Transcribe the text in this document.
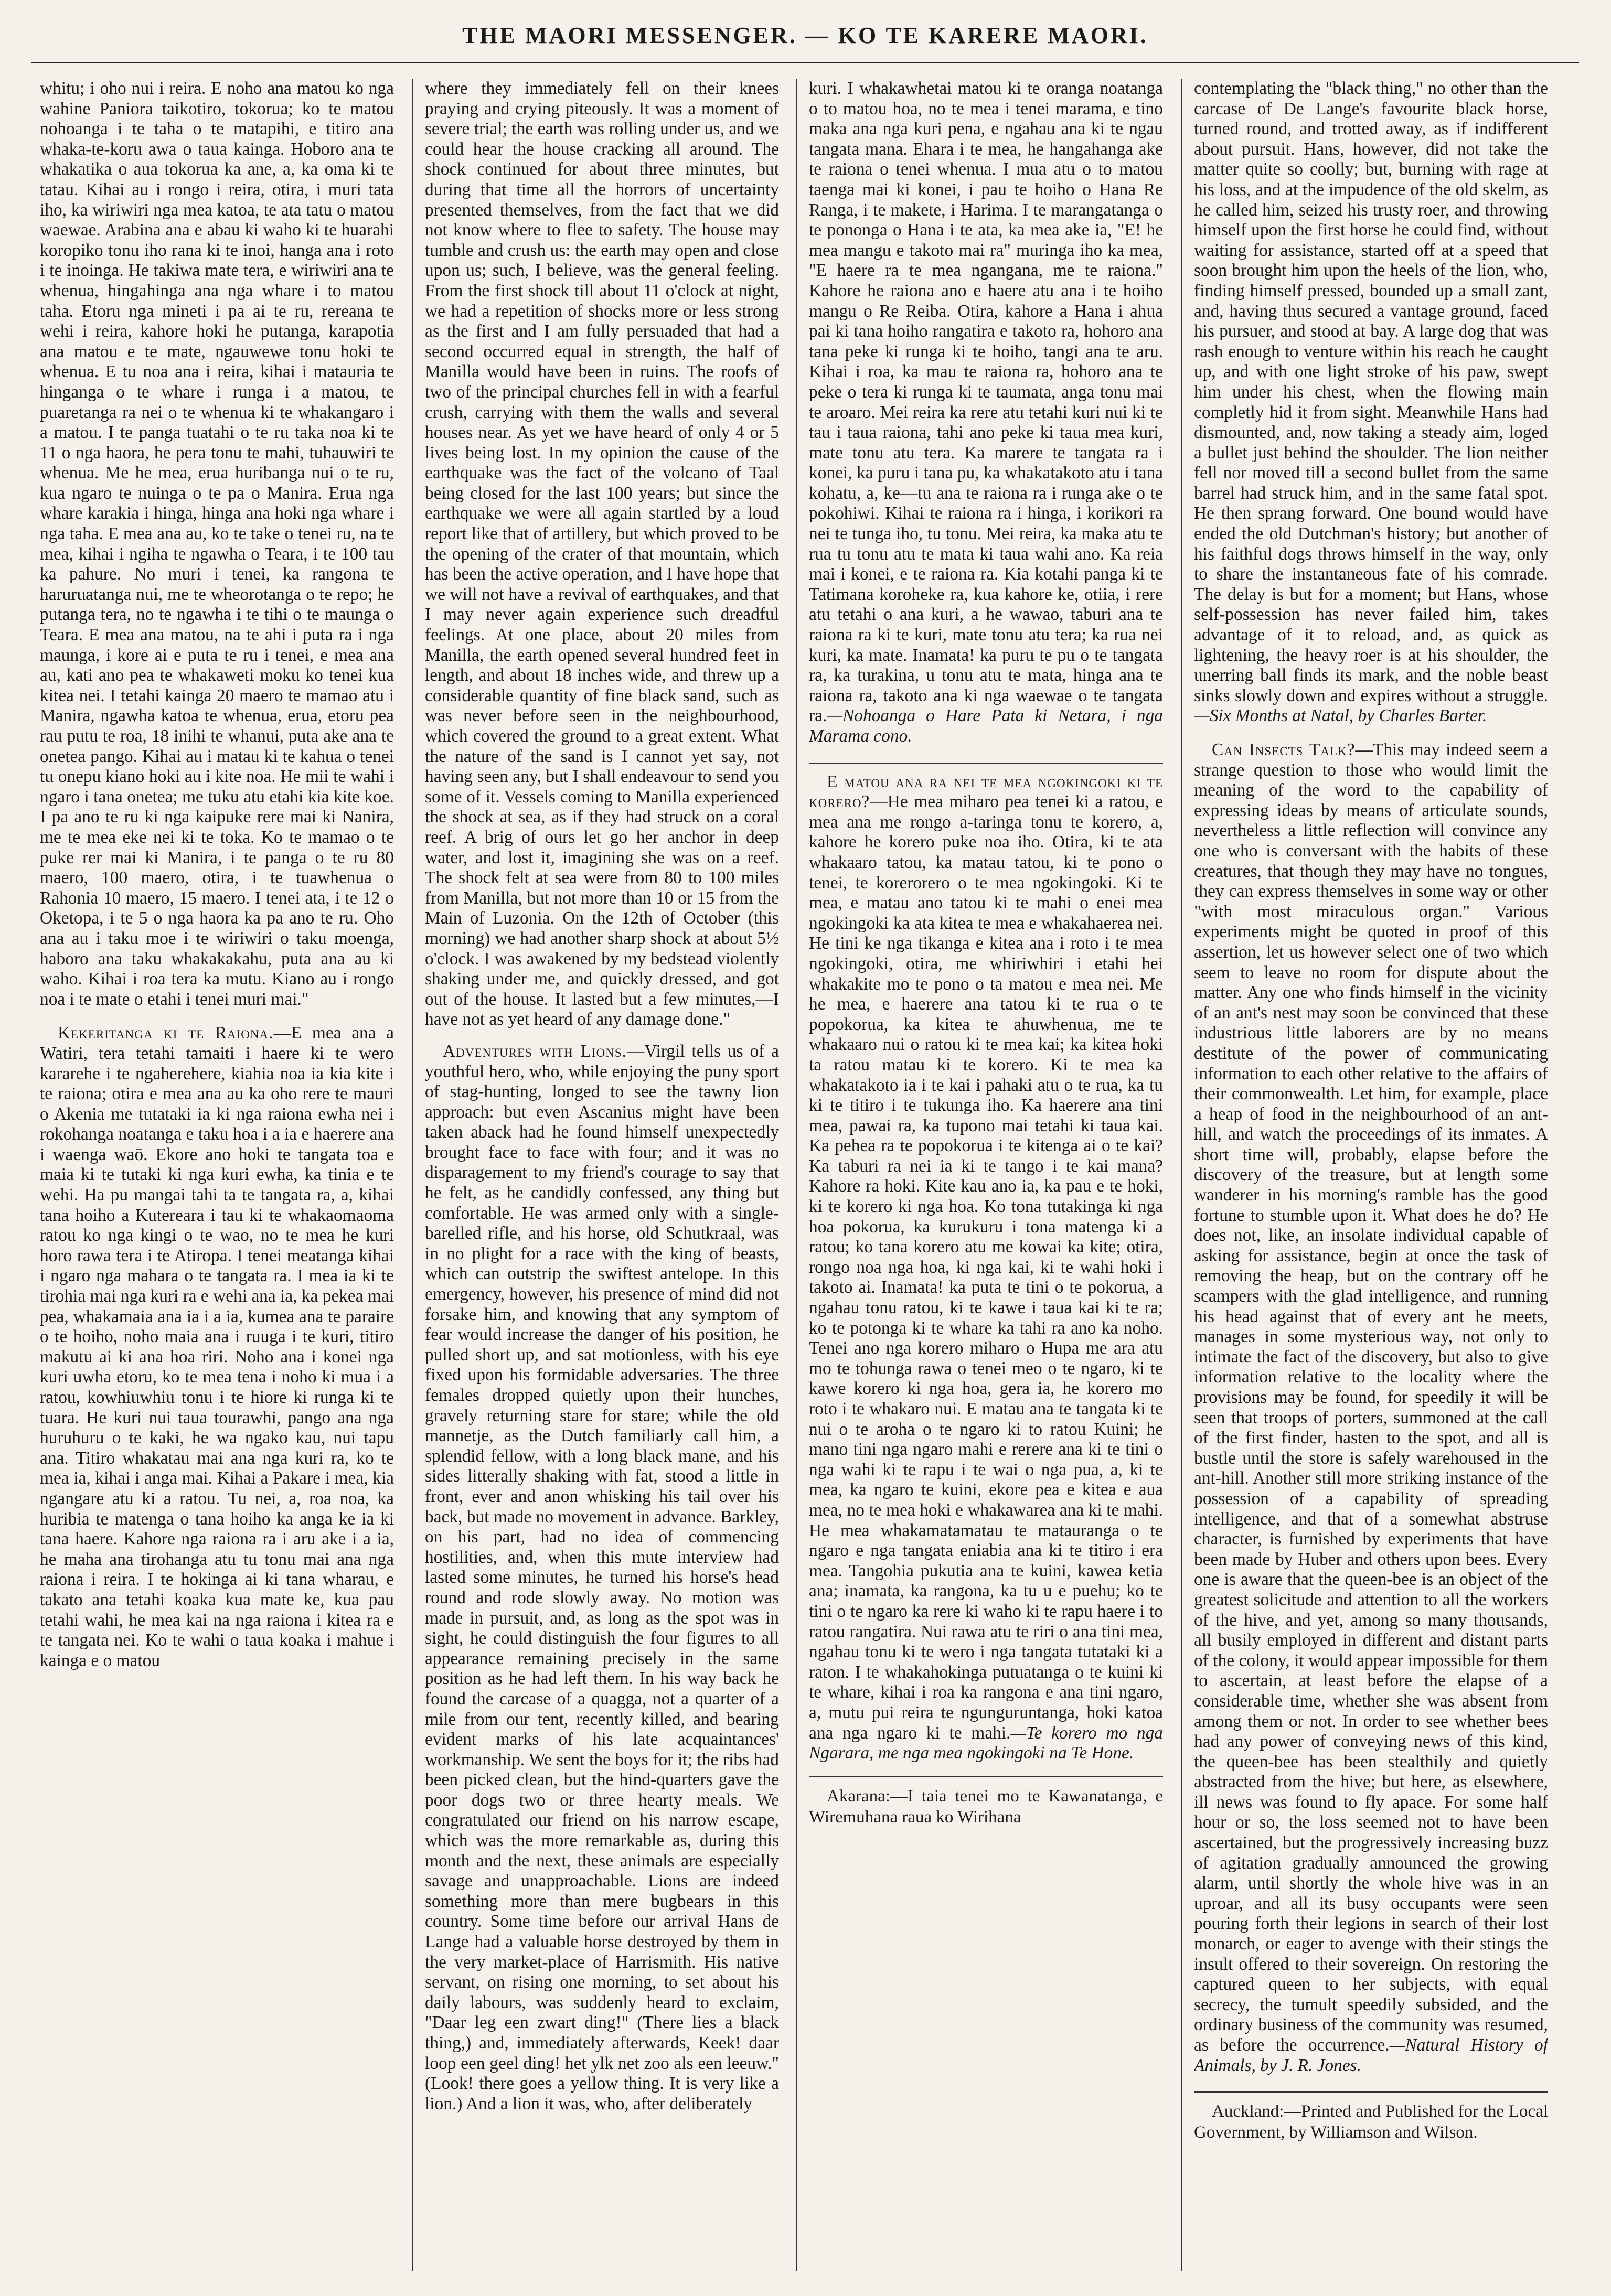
THE MAORI MESSENGER. — KO TE KARERE MAORI.

whitu; i oho nui i reira. E noho ana matou ko nga wahine Paniora taikotiro, tokorua; ko te matou nohoanga i te taha o te matapihi, e titiro ana whaka-te-koru awa o taua kainga. Hoboro ana te whakatika o aua tokorua ka ane, a, ka oma ki te tatau. Kihai au i rongo i reira, otira, i muri tata iho, ka wiriwiri nga mea katoa, te ata tatu o matou waewae. Arabina ana e abau ki waho ki te huarahi koropiko tonu iho rana ki te inoi, hanga ana i roto i te inoinga. He takiwa mate tera, e wiriwiri ana te whenua, hingahinga ana nga whare i to matou taha. Etoru nga mineti i pa ai te ru, rereana te wehi i reira, kahore hoki he putanga, karapotia ana matou e te mate, ngauwewe tonu hoki te whenua. E tu noa ana i reira, kihai i matauria te hinganga o te whare i runga i a matou, te puaretanga ra nei o te whenua ki te whakangaro i a matou. I te panga tuatahi o te ru taka noa ki te 11 o nga haora, he pera tonu te mahi, tuhauwiri te whenua. Me he mea, erua huribanga nui o te ru, kua ngaro te nuinga o te pa o Manira. Erua nga whare karakia i hinga, hinga ana hoki nga whare i nga taha. E mea ana au, ko te take o tenei ru, na te mea, kihai i ngiha te ngawha o Teara, i te 100 tau ka pahure. No muri i tenei, ka rangona te haruruatanga nui, me te wheorotanga o te repo; he putanga tera, no te ngawha i te tihi o te maunga o Teara. E mea ana matou, na te ahi i puta ra i nga maunga, i kore ai e puta te ru i tenei, e mea ana au, kati ano pea te whakaweti moku ko tenei kua kitea nei. I tetahi kainga 20 maero te mamao atu i Manira, ngawha katoa te whenua, erua, etoru pea rau putu te roa, 18 inihi te whanui, puta ake ana te onetea pango. Kihai au i matau ki te kahua o tenei tu onepu kiano hoki au i kite noa. He mii te wahi i ngaro i tana onetea; me tuku atu etahi kia kite koe. I pa ano te ru ki nga kaipuke rere mai ki Nanira, me te mea eke nei ki te toka. Ko te mamao o te puke rer mai ki Manira, i te panga o te ru 80 maero, 100 maero, otira, i te tuawhenua o Rahonia 10 maero, 15 maero. I tenei ata, i te 12 o Oketopa, i te 5 o nga haora ka pa ano te ru. Oho ana au i taku moe i te wiriwiri o taku moenga, haboro ana taku whakakakahu, puta ana au ki waho. Kihai i roa tera ka mutu. Kiano au i rongo noa i te mate o etahi i tenei muri mai."

Kekeritanga ki te Raiona.—E mea ana a Watiri, tera tetahi tamaiti i haere ki te wero kararehe i te ngaherehere, kiahia noa ia kia kite i te raiona; otira e mea ana au ka oho rere te mauri o Akenia me tutataki ia ki nga raiona ewha nei i rokohanga noatanga e taku hoa i a ia e haerere ana i waenga waō. Ekore ano hoki te tangata toa e maia ki te tutaki ki nga kuri ewha, ka tinia e te wehi. Ha pu mangai tahi ta te tangata ra, a, kihai tana hoiho a Kutereara i tau ki te whakaomaoma ratou ko nga kingi o te wao, no te mea he kuri horo rawa tera i te Atiropa. I tenei meatanga kihai i ngaro nga mahara o te tangata ra. I mea ia ki te tirohia mai nga kuri ra e wehi ana ia, ka pekea mai pea, whakamaia ana ia i a ia, kumea ana te paraire o te hoiho, noho maia ana i ruuga i te kuri, titiro makutu ai ki ana hoa riri. Noho ana i konei nga kuri uwha etoru, ko te mea tena i noho ki mua i a ratou, kowhiuwhiu tonu i te hiore ki runga ki te tuara. He kuri nui taua tourawhi, pango ana nga huruhuru o te kaki, he wa ngako kau, nui tapu ana. Titiro whakatau mai ana nga kuri ra, ko te mea ia, kihai i anga mai. Kihai a Pakare i mea, kia ngangare atu ki a ratou. Tu nei, a, roa noa, ka huribia te matenga o tana hoiho ka anga ke ia ki tana haere. Kahore nga raiona ra i aru ake i a ia, he maha ana tirohanga atu tu tonu mai ana nga raiona i reira. I te hokinga ai ki tana wharau, e takato ana tetahi koaka kua mate ke, kua pau tetahi wahi, he mea kai na nga raiona i kitea ra e te tangata nei. Ko te wahi o taua koaka i mahue i kainga e o matou

where they immediately fell on their knees praying and crying piteously. It was a moment of severe trial; the earth was rolling under us, and we could hear the house cracking all around. The shock continued for about three minutes, but during that time all the horrors of uncertainty presented themselves, from the fact that we did not know where to flee to safety. The house may tumble and crush us: the earth may open and close upon us; such, I believe, was the general feeling. From the first shock till about 11 o'clock at night, we had a repetition of shocks more or less strong as the first and I am fully persuaded that had a second occurred equal in strength, the half of Manilla would have been in ruins. The roofs of two of the principal churches fell in with a fearful crush, carrying with them the walls and several houses near. As yet we have heard of only 4 or 5 lives being lost. In my opinion the cause of the earthquake was the fact of the volcano of Taal being closed for the last 100 years; but since the earthquake we were all again startled by a loud report like that of artillery, but which proved to be the opening of the crater of that mountain, which has been the active operation, and I have hope that we will not have a revival of earthquakes, and that I may never again experience such dreadful feelings. At one place, about 20 miles from Manilla, the earth opened several hundred feet in length, and about 18 inches wide, and threw up a considerable quantity of fine black sand, such as was never before seen in the neighbourhood, which covered the ground to a great extent. What the nature of the sand is I cannot yet say, not having seen any, but I shall endeavour to send you some of it. Vessels coming to Manilla experienced the shock at sea, as if they had struck on a coral reef. A brig of ours let go her anchor in deep water, and lost it, imagining she was on a reef. The shock felt at sea were from 80 to 100 miles from Manilla, but not more than 10 or 15 from the Main of Luzonia. On the 12th of October (this morning) we had another sharp shock at about 5½ o'clock. I was awakened by my bedstead violently shaking under me, and quickly dressed, and got out of the house. It lasted but a few minutes,—I have not as yet heard of any damage done."

Adventures with Lions.—Virgil tells us of a youthful hero, who, while enjoying the puny sport of stag-hunting, longed to see the tawny lion approach: but even Ascanius might have been taken aback had he found himself unexpectedly brought face to face with four; and it was no disparagement to my friend's courage to say that he felt, as he candidly confessed, any thing but comfortable. He was armed only with a single-barelled rifle, and his horse, old Schutkraal, was in no plight for a race with the king of beasts, which can outstrip the swiftest antelope. In this emergency, however, his presence of mind did not forsake him, and knowing that any symptom of fear would increase the danger of his position, he pulled short up, and sat motionless, with his eye fixed upon his formidable adversaries. The three females dropped quietly upon their hunches, gravely returning stare for stare; while the old mannetje, as the Dutch familiarly call him, a splendid fellow, with a long black mane, and his sides litterally shaking with fat, stood a little in front, ever and anon whisking his tail over his back, but made no movement in advance. Barkley, on his part, had no idea of commencing hostilities, and, when this mute interview had lasted some minutes, he turned his horse's head round and rode slowly away. No motion was made in pursuit, and, as long as the spot was in sight, he could distinguish the four figures to all appearance remaining precisely in the same position as he had left them. In his way back he found the carcase of a quagga, not a quarter of a mile from our tent, recently killed, and bearing evident marks of his late acquaintances' workmanship. We sent the boys for it; the ribs had been picked clean, but the hind-quarters gave the poor dogs two or three hearty meals. We congratulated our friend on his narrow escape, which was the more remarkable as, during this month and the next, these animals are especially savage and unapproachable. Lions are indeed something more than mere bugbears in this country. Some time before our arrival Hans de Lange had a valuable horse destroyed by them in the very market-place of Harrismith. His native servant, on rising one morning, to set about his daily labours, was suddenly heard to exclaim, "Daar leg een zwart ding!" (There lies a black thing,) and, immediately afterwards, Keek! daar loop een geel ding! het ylk net zoo als een leeuw." (Look! there goes a yellow thing. It is very like a lion.) And a lion it was, who, after deliberately

kuri. I whakawhetai matou ki te oranga noatanga o to matou hoa, no te mea i tenei marama, e tino maka ana nga kuri pena, e ngahau ana ki te ngau tangata mana. Ehara i te mea, he hangahanga ake te raiona o tenei whenua. I mua atu o to matou taenga mai ki konei, i pau te hoiho o Hana Re Ranga, i te makete, i Harima. I te marangatanga o te pononga o Hana i te ata, ka mea ake ia, "E! he mea mangu e takoto mai ra" muringa iho ka mea, "E haere ra te mea ngangana, me te raiona." Kahore he raiona ano e haere atu ana i te hoiho mangu o Re Reiba. Otira, kahore a Hana i ahua pai ki tana hoiho rangatira e takoto ra, hohoro ana tana peke ki runga ki te hoiho, tangi ana te aru. Kihai i roa, ka mau te raiona ra, hohoro ana te peke o tera ki runga ki te taumata, anga tonu mai te aroaro. Mei reira ka rere atu tetahi kuri nui ki te tau i taua raiona, tahi ano peke ki taua mea kuri, mate tonu atu tera. Ka marere te tangata ra i konei, ka puru i tana pu, ka whakatakoto atu i tana kohatu, a, ke—tu ana te raiona ra i runga ake o te pokohiwi. Kihai te raiona ra i hinga, i korikori ra nei te tunga iho, tu tonu. Mei reira, ka maka atu te rua tu tonu atu te mata ki taua wahi ano. Ka reia mai i konei, e te raiona ra. Kia kotahi panga ki te Tatimana koroheke ra, kua kahore ke, otiia, i rere atu tetahi o ana kuri, a he wawao, taburi ana te raiona ra ki te kuri, mate tonu atu tera; ka rua nei kuri, ka mate. Inamata! ka puru te pu o te tangata ra, ka turakina, u tonu atu te mata, hinga ana te raiona ra, takoto ana ki nga waewae o te tangata ra.—Nohoanga o Hare Pata ki Netara, i nga Marama cono.

E matou ana ra nei te mea ngokingoki ki te korero?—He mea miharo pea tenei ki a ratou, e mea ana me rongo a-taringa tonu te korero, a, kahore he korero puke noa iho. Otira, ki te ata whakaaro tatou, ka matau tatou, ki te pono o tenei, te korerorero o te mea ngokingoki. Ki te mea, e matau ano tatou ki te mahi o enei mea ngokingoki ka ata kitea te mea e whakahaerea nei. He tini ke nga tikanga e kitea ana i roto i te mea ngokingoki, otira, me whiriwhiri i etahi hei whakakite mo te pono o ta matou e mea nei. Me he mea, e haerere ana tatou ki te rua o te popokorua, ka kitea te ahuwhenua, me te whakaaro nui o ratou ki te mea kai; ka kitea hoki ta ratou matau ki te korero. Ki te mea ka whakatakoto ia i te kai i pahaki atu o te rua, ka tu ki te titiro i te tukunga iho. Ka haerere ana tini mea, pawai ra, ka tupono mai tetahi ki taua kai. Ka pehea ra te popokorua i te kitenga ai o te kai? Ka taburi ra nei ia ki te tango i te kai mana? Kahore ra hoki. Kite kau ano ia, ka pau e te hoki, ki te korero ki nga hoa. Ko tona tutakinga ki nga hoa pokorua, ka kurukuru i tona matenga ki a ratou; ko tana korero atu me kowai ka kite; otira, rongo noa nga hoa, ki nga kai, ki te wahi hoki i takoto ai. Inamata! ka puta te tini o te pokorua, a ngahau tonu ratou, ki te kawe i taua kai ki te ra; ko te potonga ki te whare ka tahi ra ano ka noho. Tenei ano nga korero miharo o Hupa me ara atu mo te tohunga rawa o tenei meo o te ngaro, ki te kawe korero ki nga hoa, gera ia, he korero mo roto i te whakaro nui. E matau ana te tangata ki te nui o te aroha o te ngaro ki to ratou Kuini; he mano tini nga ngaro mahi e rerere ana ki te tini o nga wahi ki te rapu i te wai o nga pua, a, ki te mea, ka ngaro te kuini, ekore pea e kitea e aua mea, no te mea hoki e whakawarea ana ki te mahi. He mea whakamatamatau te matauranga o te ngaro e nga tangata eniabia ana ki te titiro i era mea. Tangohia pukutia ana te kuini, kawea ketia ana; inamata, ka rangona, ka tu u e puehu; ko te tini o te ngaro ka rere ki waho ki te rapu haere i to ratou rangatira. Nui rawa atu te riri o ana tini mea, ngahau tonu ki te wero i nga tangata tutataki ki a raton. I te whakahokinga putuatanga o te kuini ki te whare, kihai i roa ka rangona e ana tini ngaro, a, mutu pui reira te ngunguruntanga, hoki katoa ana nga ngaro ki te mahi.—Te korero mo nga Ngarara, me nga mea ngokingoki na Te Hone.

Akarana:—I taia tenei mo te Kawanatanga, e Wiremuhana raua ko Wirihana

contemplating the "black thing," no other than the carcase of De Lange's favourite black horse, turned round, and trotted away, as if indifferent about pursuit. Hans, however, did not take the matter quite so coolly; but, burning with rage at his loss, and at the impudence of the old skelm, as he called him, seized his trusty roer, and throwing himself upon the first horse he could find, without waiting for assistance, started off at a speed that soon brought him upon the heels of the lion, who, finding himself pressed, bounded up a small zant, and, having thus secured a vantage ground, faced his pursuer, and stood at bay. A large dog that was rash enough to venture within his reach he caught up, and with one light stroke of his paw, swept him under his chest, when the flowing main completly hid it from sight. Meanwhile Hans had dismounted, and, now taking a steady aim, loged a bullet just behind the shoulder. The lion neither fell nor moved till a second bullet from the same barrel had struck him, and in the same fatal spot. He then sprang forward. One bound would have ended the old Dutchman's history; but another of his faithful dogs throws himself in the way, only to share the instantaneous fate of his comrade. The delay is but for a moment; but Hans, whose self-possession has never failed him, takes advantage of it to reload, and, as quick as lightening, the heavy roer is at his shoulder, the unerring ball finds its mark, and the noble beast sinks slowly down and expires without a struggle.—Six Months at Natal, by Charles Barter.

Can Insects Talk?—This may indeed seem a strange question to those who would limit the meaning of the word to the capability of expressing ideas by means of articulate sounds, nevertheless a little reflection will convince any one who is conversant with the habits of these creatures, that though they may have no tongues, they can express themselves in some way or other "with most miraculous organ." Various experiments might be quoted in proof of this assertion, let us however select one of two which seem to leave no room for dispute about the matter. Any one who finds himself in the vicinity of an ant's nest may soon be convinced that these industrious little laborers are by no means destitute of the power of communicating information to each other relative to the affairs of their commonwealth. Let him, for example, place a heap of food in the neighbourhood of an ant-hill, and watch the proceedings of its inmates. A short time will, probably, elapse before the discovery of the treasure, but at length some wanderer in his morning's ramble has the good fortune to stumble upon it. What does he do? He does not, like, an insolate individual capable of asking for assistance, begin at once the task of removing the heap, but on the contrary off he scampers with the glad intelligence, and running his head against that of every ant he meets, manages in some mysterious way, not only to intimate the fact of the discovery, but also to give information relative to the locality where the provisions may be found, for speedily it will be seen that troops of porters, summoned at the call of the first finder, hasten to the spot, and all is bustle until the store is safely warehoused in the ant-hill. Another still more striking instance of the possession of a capability of spreading intelligence, and that of a somewhat abstruse character, is furnished by experiments that have been made by Huber and others upon bees. Every one is aware that the queen-bee is an object of the greatest solicitude and attention to all the workers of the hive, and yet, among so many thousands, all busily employed in different and distant parts of the colony, it would appear impossible for them to ascertain, at least before the elapse of a considerable time, whether she was absent from among them or not. In order to see whether bees had any power of conveying news of this kind, the queen-bee has been stealthily and quietly abstracted from the hive; but here, as elsewhere, ill news was found to fly apace. For some half hour or so, the loss seemed not to have been ascertained, but the progressively increasing buzz of agitation gradually announced the growing alarm, until shortly the whole hive was in an uproar, and all its busy occupants were seen pouring forth their legions in search of their lost monarch, or eager to avenge with their stings the insult offered to their sovereign. On restoring the captured queen to her subjects, with equal secrecy, the tumult speedily subsided, and the ordinary business of the community was resumed, as before the occurrence.—Natural History of Animals, by J. R. Jones.

Auckland:—Printed and Published for the Local Government, by Williamson and Wilson.
